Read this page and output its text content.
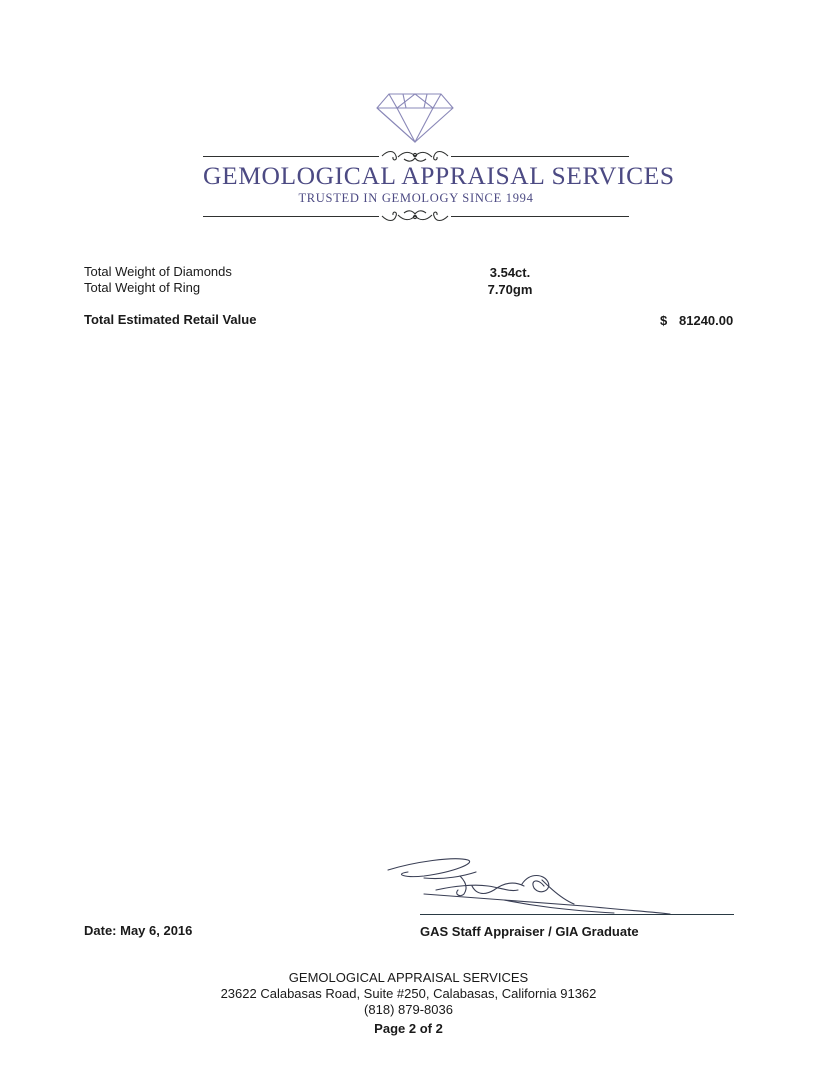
GEMOLOGICAL APPRAISAL SERVICES
TRUSTED IN GEMOLOGY SINCE 1994
Total Weight of Diamonds	3.54ct.
Total Weight of Ring	7.70gm
Total Estimated Retail Value	$ 81240.00
Date: May 6, 2016	GAS Staff Appraiser / GIA Graduate
GEMOLOGICAL APPRAISAL SERVICES
23622 Calabasas Road, Suite #250, Calabasas, California 91362
(818) 879-8036
Page 2 of 2
